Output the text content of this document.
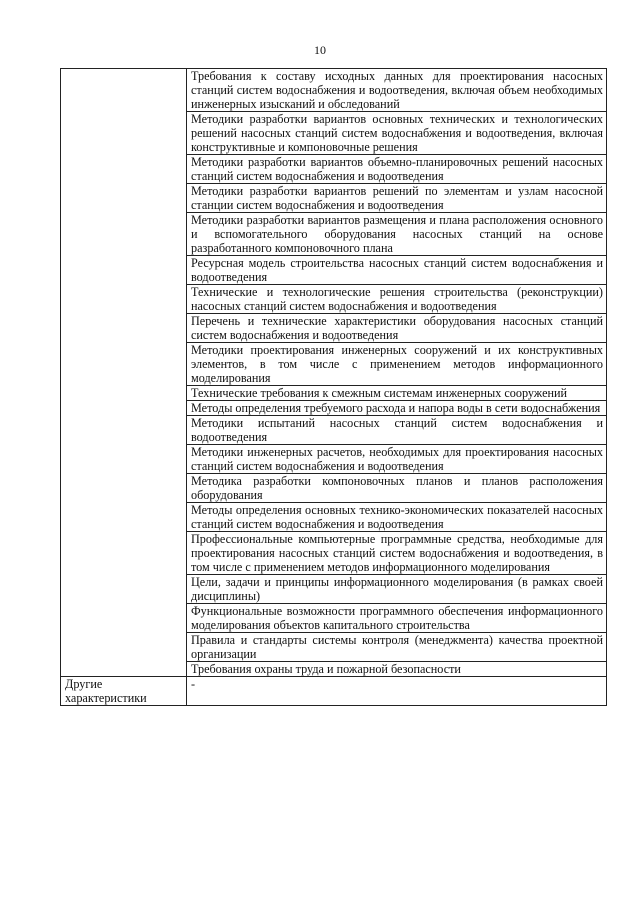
10
	Требования к составу исходных данных для проектирования насосных станций систем водоснабжения и водоотведения, включая объем необходимых инженерных изысканий и обследований
	Методики разработки вариантов основных технических и технологических решений насосных станций систем водоснабжения и водоотведения, включая конструктивные и компоновочные решения
	Методики разработки вариантов объемно-планировочных решений насосных станций систем водоснабжения и водоотведения
	Методики разработки вариантов решений по элементам и узлам насосной станции систем водоснабжения и водоотведения
	Методики разработки вариантов размещения и плана расположения основного и вспомогательного оборудования насосных станций на основе разработанного компоновочного плана
	Ресурсная модель строительства насосных станций систем водоснабжения и водоотведения
	Технические и технологические решения строительства (реконструкции) насосных станций систем водоснабжения и водоотведения
	Перечень и технические характеристики оборудования насосных станций систем водоснабжения и водоотведения
	Методики проектирования инженерных сооружений и их конструктивных элементов, в том числе с применением методов информационного моделирования
	Технические требования к смежным системам инженерных сооружений
	Методы определения требуемого расхода и напора воды в сети водоснабжения
	Методики испытаний насосных станций систем водоснабжения и водоотведения
	Методики инженерных расчетов, необходимых для проектирования насосных станций систем водоснабжения и водоотведения
	Методика разработки компоновочных планов и планов расположения оборудования
	Методы определения основных технико-экономических показателей насосных станций систем водоснабжения и водоотведения
	Профессиональные компьютерные программные средства, необходимые для проектирования насосных станций систем водоснабжения и водоотведения, в том числе с применением методов информационного моделирования
	Цели, задачи и принципы информационного моделирования (в рамках своей дисциплины)
	Функциональные возможности программного обеспечения информационного моделирования объектов капитального строительства
	Правила и стандарты системы контроля (менеджмента) качества проектной организации
	Требования охраны труда и пожарной безопасности
Другие характеристики	-
